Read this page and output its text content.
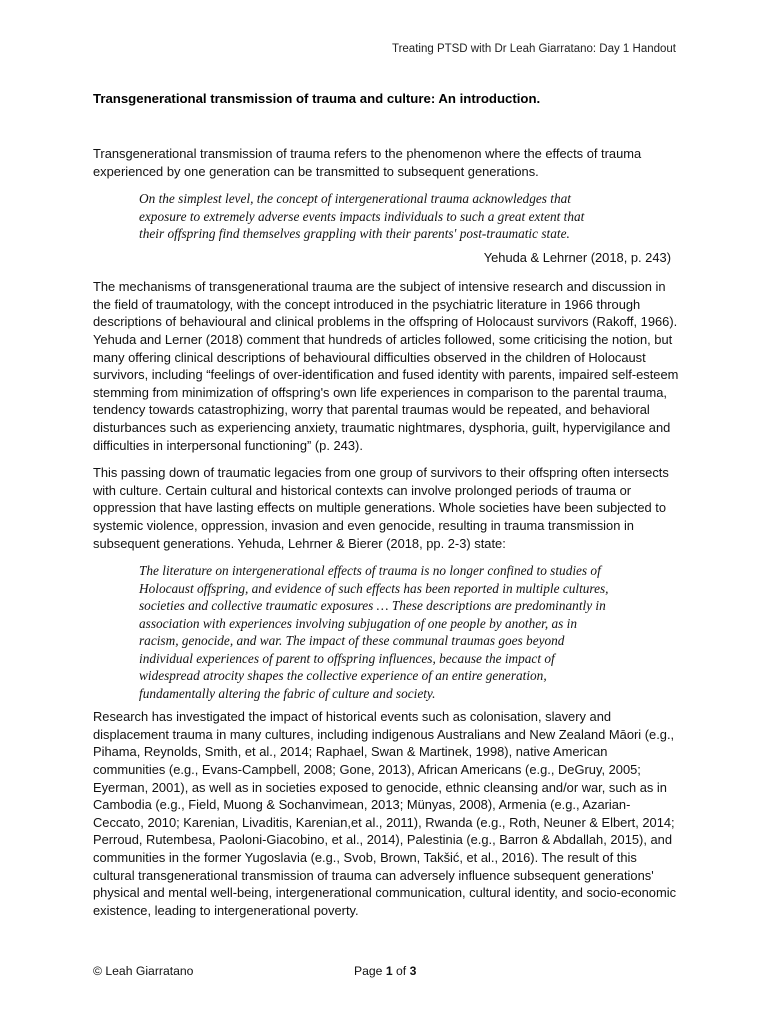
Treating PTSD with Dr Leah Giarratano: Day 1 Handout
Transgenerational transmission of trauma and culture: An introduction.

Transgenerational transmission of trauma refers to the phenomenon where the effects of trauma experienced by one generation can be transmitted to subsequent generations.

On the simplest level, the concept of intergenerational trauma acknowledges that exposure to extremely adverse events impacts individuals to such a great extent that their offspring find themselves grappling with their parents' post-traumatic state.
Yehuda & Lehrner (2018, p. 243)

The mechanisms of transgenerational trauma are the subject of intensive research and discussion in the field of traumatology, with the concept introduced in the psychiatric literature in 1966 through descriptions of behavioural and clinical problems in the offspring of Holocaust survivors (Rakoff, 1966). Yehuda and Lerner (2018) comment that hundreds of articles followed, some criticising the notion, but many offering clinical descriptions of behavioural difficulties observed in the children of Holocaust survivors, including “feelings of over-identification and fused identity with parents, impaired self-esteem stemming from minimization of offspring's own life experiences in comparison to the parental trauma, tendency towards catastrophizing, worry that parental traumas would be repeated, and behavioral disturbances such as experiencing anxiety, traumatic nightmares, dysphoria, guilt, hypervigilance and difficulties in interpersonal functioning” (p. 243).

This passing down of traumatic legacies from one group of survivors to their offspring often intersects with culture. Certain cultural and historical contexts can involve prolonged periods of trauma or oppression that have lasting effects on multiple generations. Whole societies have been subjected to systemic violence, oppression, invasion and even genocide, resulting in trauma transmission in subsequent generations. Yehuda, Lehrner & Bierer (2018, pp. 2-3) state:

The literature on intergenerational effects of trauma is no longer confined to studies of Holocaust offspring, and evidence of such effects has been reported in multiple cultures, societies and collective traumatic exposures … These descriptions are predominantly in association with experiences involving subjugation of one people by another, as in racism, genocide, and war. The impact of these communal traumas goes beyond individual experiences of parent to offspring influences, because the impact of widespread atrocity shapes the collective experience of an entire generation, fundamentally altering the fabric of culture and society.

Research has investigated the impact of historical events such as colonisation, slavery and displacement trauma in many cultures, including indigenous Australians and New Zealand Māori (e.g., Pihama, Reynolds, Smith, et al., 2014; Raphael, Swan & Martinek, 1998), native American communities (e.g., Evans-Campbell, 2008; Gone, 2013), African Americans (e.g., DeGruy, 2005; Eyerman, 2001), as well as in societies exposed to genocide, ethnic cleansing and/or war, such as in Cambodia (e.g., Field, Muong & Sochanvimean, 2013; Münyas, 2008), Armenia (e.g., Azarian-Ceccato, 2010; Karenian, Livaditis, Karenian,et al., 2011), Rwanda (e.g., Roth, Neuner & Elbert, 2014; Perroud, Rutembesa, Paoloni-Giacobino, et al., 2014), Palestinia (e.g., Barron & Abdallah, 2015), and communities in the former Yugoslavia (e.g., Svob, Brown, Takšić, et al., 2016). The result of this cultural transgenerational transmission of trauma can adversely influence subsequent generations' physical and mental well-being, intergenerational communication, cultural identity, and socio-economic existence, leading to intergenerational poverty.

© Leah Giarratano	Page 1 of 3
